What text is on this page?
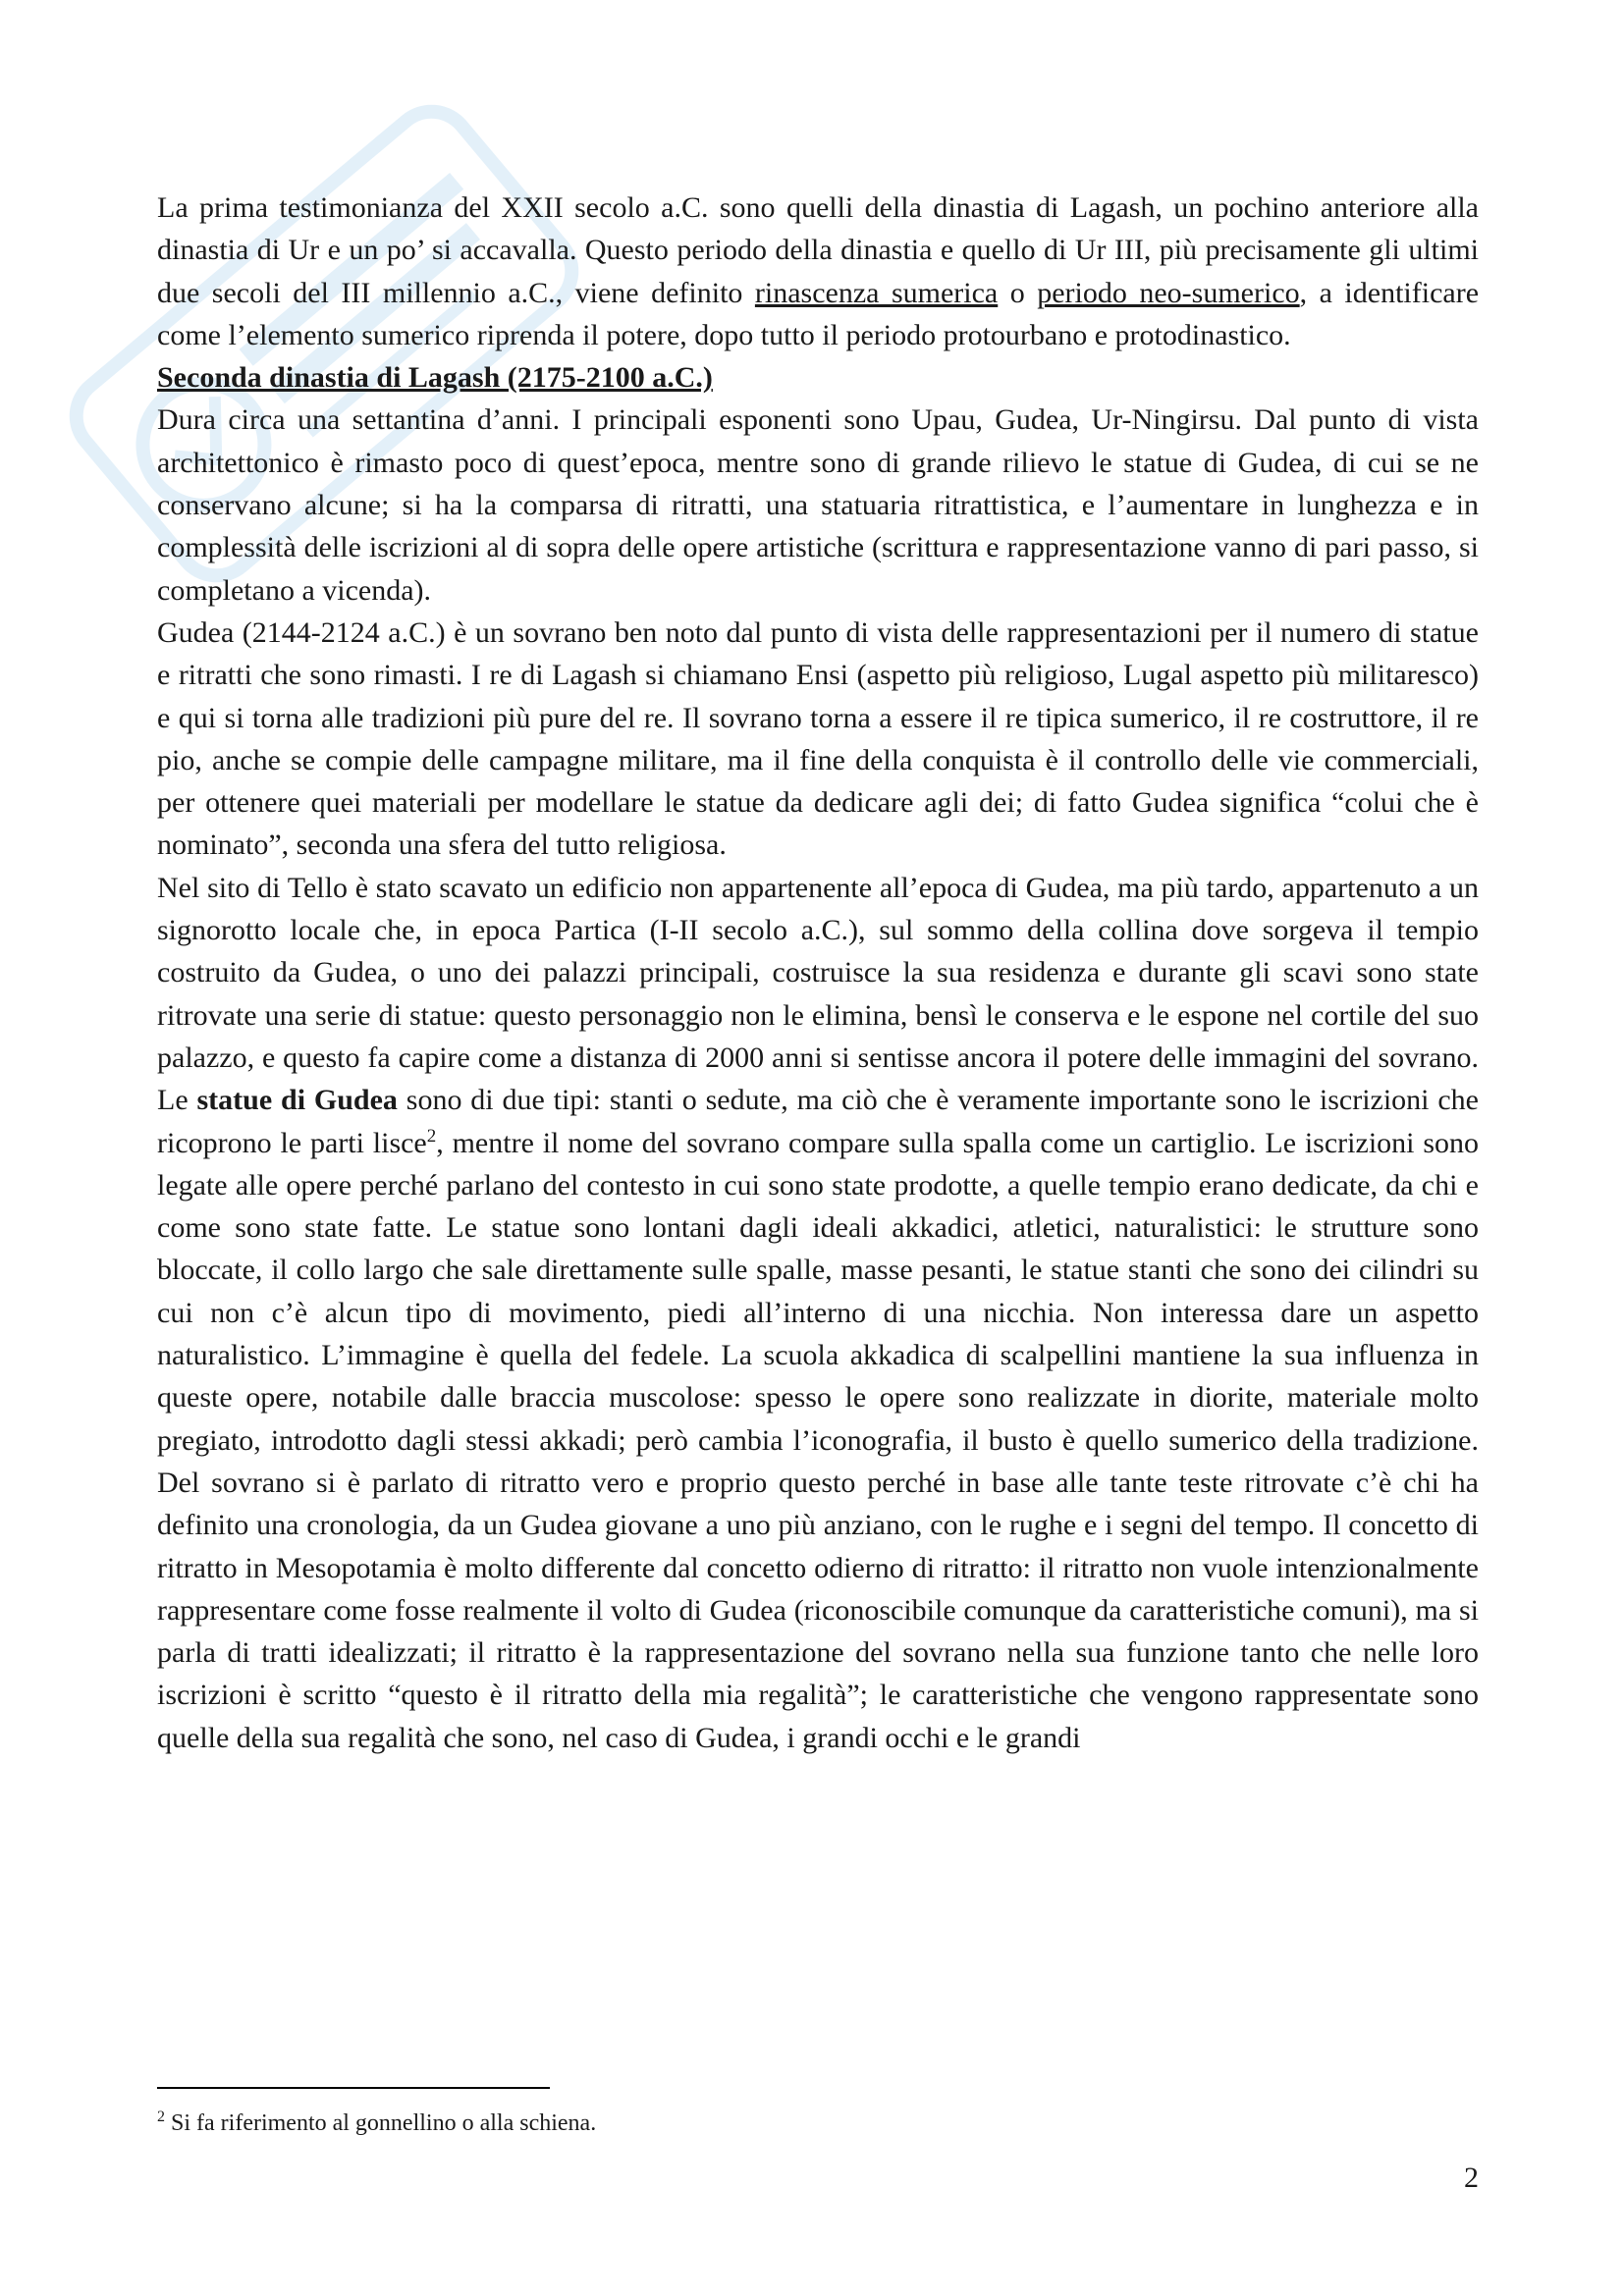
La prima testimonianza del XXII secolo a.C. sono quelli della dinastia di Lagash, un pochino anteriore alla dinastia di Ur e un po’ si accavalla. Questo periodo della dinastia e quello di Ur III, più precisamente gli ultimi due secoli del III millennio a.C., viene definito rinascenza sumerica o periodo neo-sumerico, a identificare come l’elemento sumerico riprenda il potere, dopo tutto il periodo protourbano e protodinastico.

Seconda dinastia di Lagash (2175-2100 a.C.)

Dura circa una settantina d’anni. I principali esponenti sono Upau, Gudea, Ur-Ningirsu. Dal punto di vista architettonico è rimasto poco di quest’epoca, mentre sono di grande rilievo le statue di Gudea, di cui se ne conservano alcune; si ha la comparsa di ritratti, una statuaria ritrattistica, e l’aumentare in lunghezza e in complessità delle iscrizioni al di sopra delle opere artistiche (scrittura e rappresentazione vanno di pari passo, si completano a vicenda).

Gudea (2144-2124 a.C.) è un sovrano ben noto dal punto di vista delle rappresentazioni per il numero di statue e ritratti che sono rimasti. I re di Lagash si chiamano Ensi (aspetto più religioso, Lugal aspetto più militaresco) e qui si torna alle tradizioni più pure del re. Il sovrano torna a essere il re tipica sumerico, il re costruttore, il re pio, anche se compie delle campagne militare, ma il fine della conquista è il controllo delle vie commerciali, per ottenere quei materiali per modellare le statue da dedicare agli dei; di fatto Gudea significa “colui che è nominato”, seconda una sfera del tutto religiosa.

Nel sito di Tello è stato scavato un edificio non appartenente all’epoca di Gudea, ma più tardo, appartenuto a un signorotto locale che, in epoca Partica (I-II secolo a.C.), sul sommo della collina dove sorgeva il tempio costruito da Gudea, o uno dei palazzi principali, costruisce la sua residenza e durante gli scavi sono state ritrovate una serie di statue: questo personaggio non le elimina, bensì le conserva e le espone nel cortile del suo palazzo, e questo fa capire come a distanza di 2000 anni si sentisse ancora il potere delle immagini del sovrano. Le statue di Gudea sono di due tipi: stanti o sedute, ma ciò che è veramente importante sono le iscrizioni che ricoprono le parti lisce$^2$, mentre il nome del sovrano compare sulla spalla come un cartiglio. Le iscrizioni sono legate alle opere perché parlano del contesto in cui sono state prodotte, a quelle tempio erano dedicate, da chi e come sono state fatte. Le statue sono lontani dagli ideali akkadici, atletici, naturalistici: le strutture sono bloccate, il collo largo che sale direttamente sulle spalle, masse pesanti, le statue stanti che sono dei cilindri su cui non c’è alcun tipo di movimento, piedi all’interno di una nicchia. Non interessa dare un aspetto naturalistico. L’immagine è quella del fedele. La scuola akkadica di scalpellini mantiene la sua influenza in queste opere, notabile dalle braccia muscolose: spesso le opere sono realizzate in diorite, materiale molto pregiato, introdotto dagli stessi akkadi; però cambia l’iconografia, il busto è quello sumerico della tradizione. Del sovrano si è parlato di ritratto vero e proprio questo perché in base alle tante teste ritrovate c’è chi ha definito una cronologia, da un Gudea giovane a uno più anziano, con le rughe e i segni del tempo. Il concetto di ritratto in Mesopotamia è molto differente dal concetto odierno di ritratto: il ritratto non vuole intenzionalmente rappresentare come fosse realmente il volto di Gudea (riconoscibile comunque da caratteristiche comuni), ma si parla di tratti idealizzati; il ritratto è la rappresentazione del sovrano nella sua funzione tanto che nelle loro iscrizioni è scritto “questo è il ritratto della mia regalità”; le caratteristiche che vengono rappresentate sono quelle della sua regalità che sono, nel caso di Gudea, i grandi occhi e le grandi

$^2$ Si fa riferimento al gonnellino o alla schiena.
2
